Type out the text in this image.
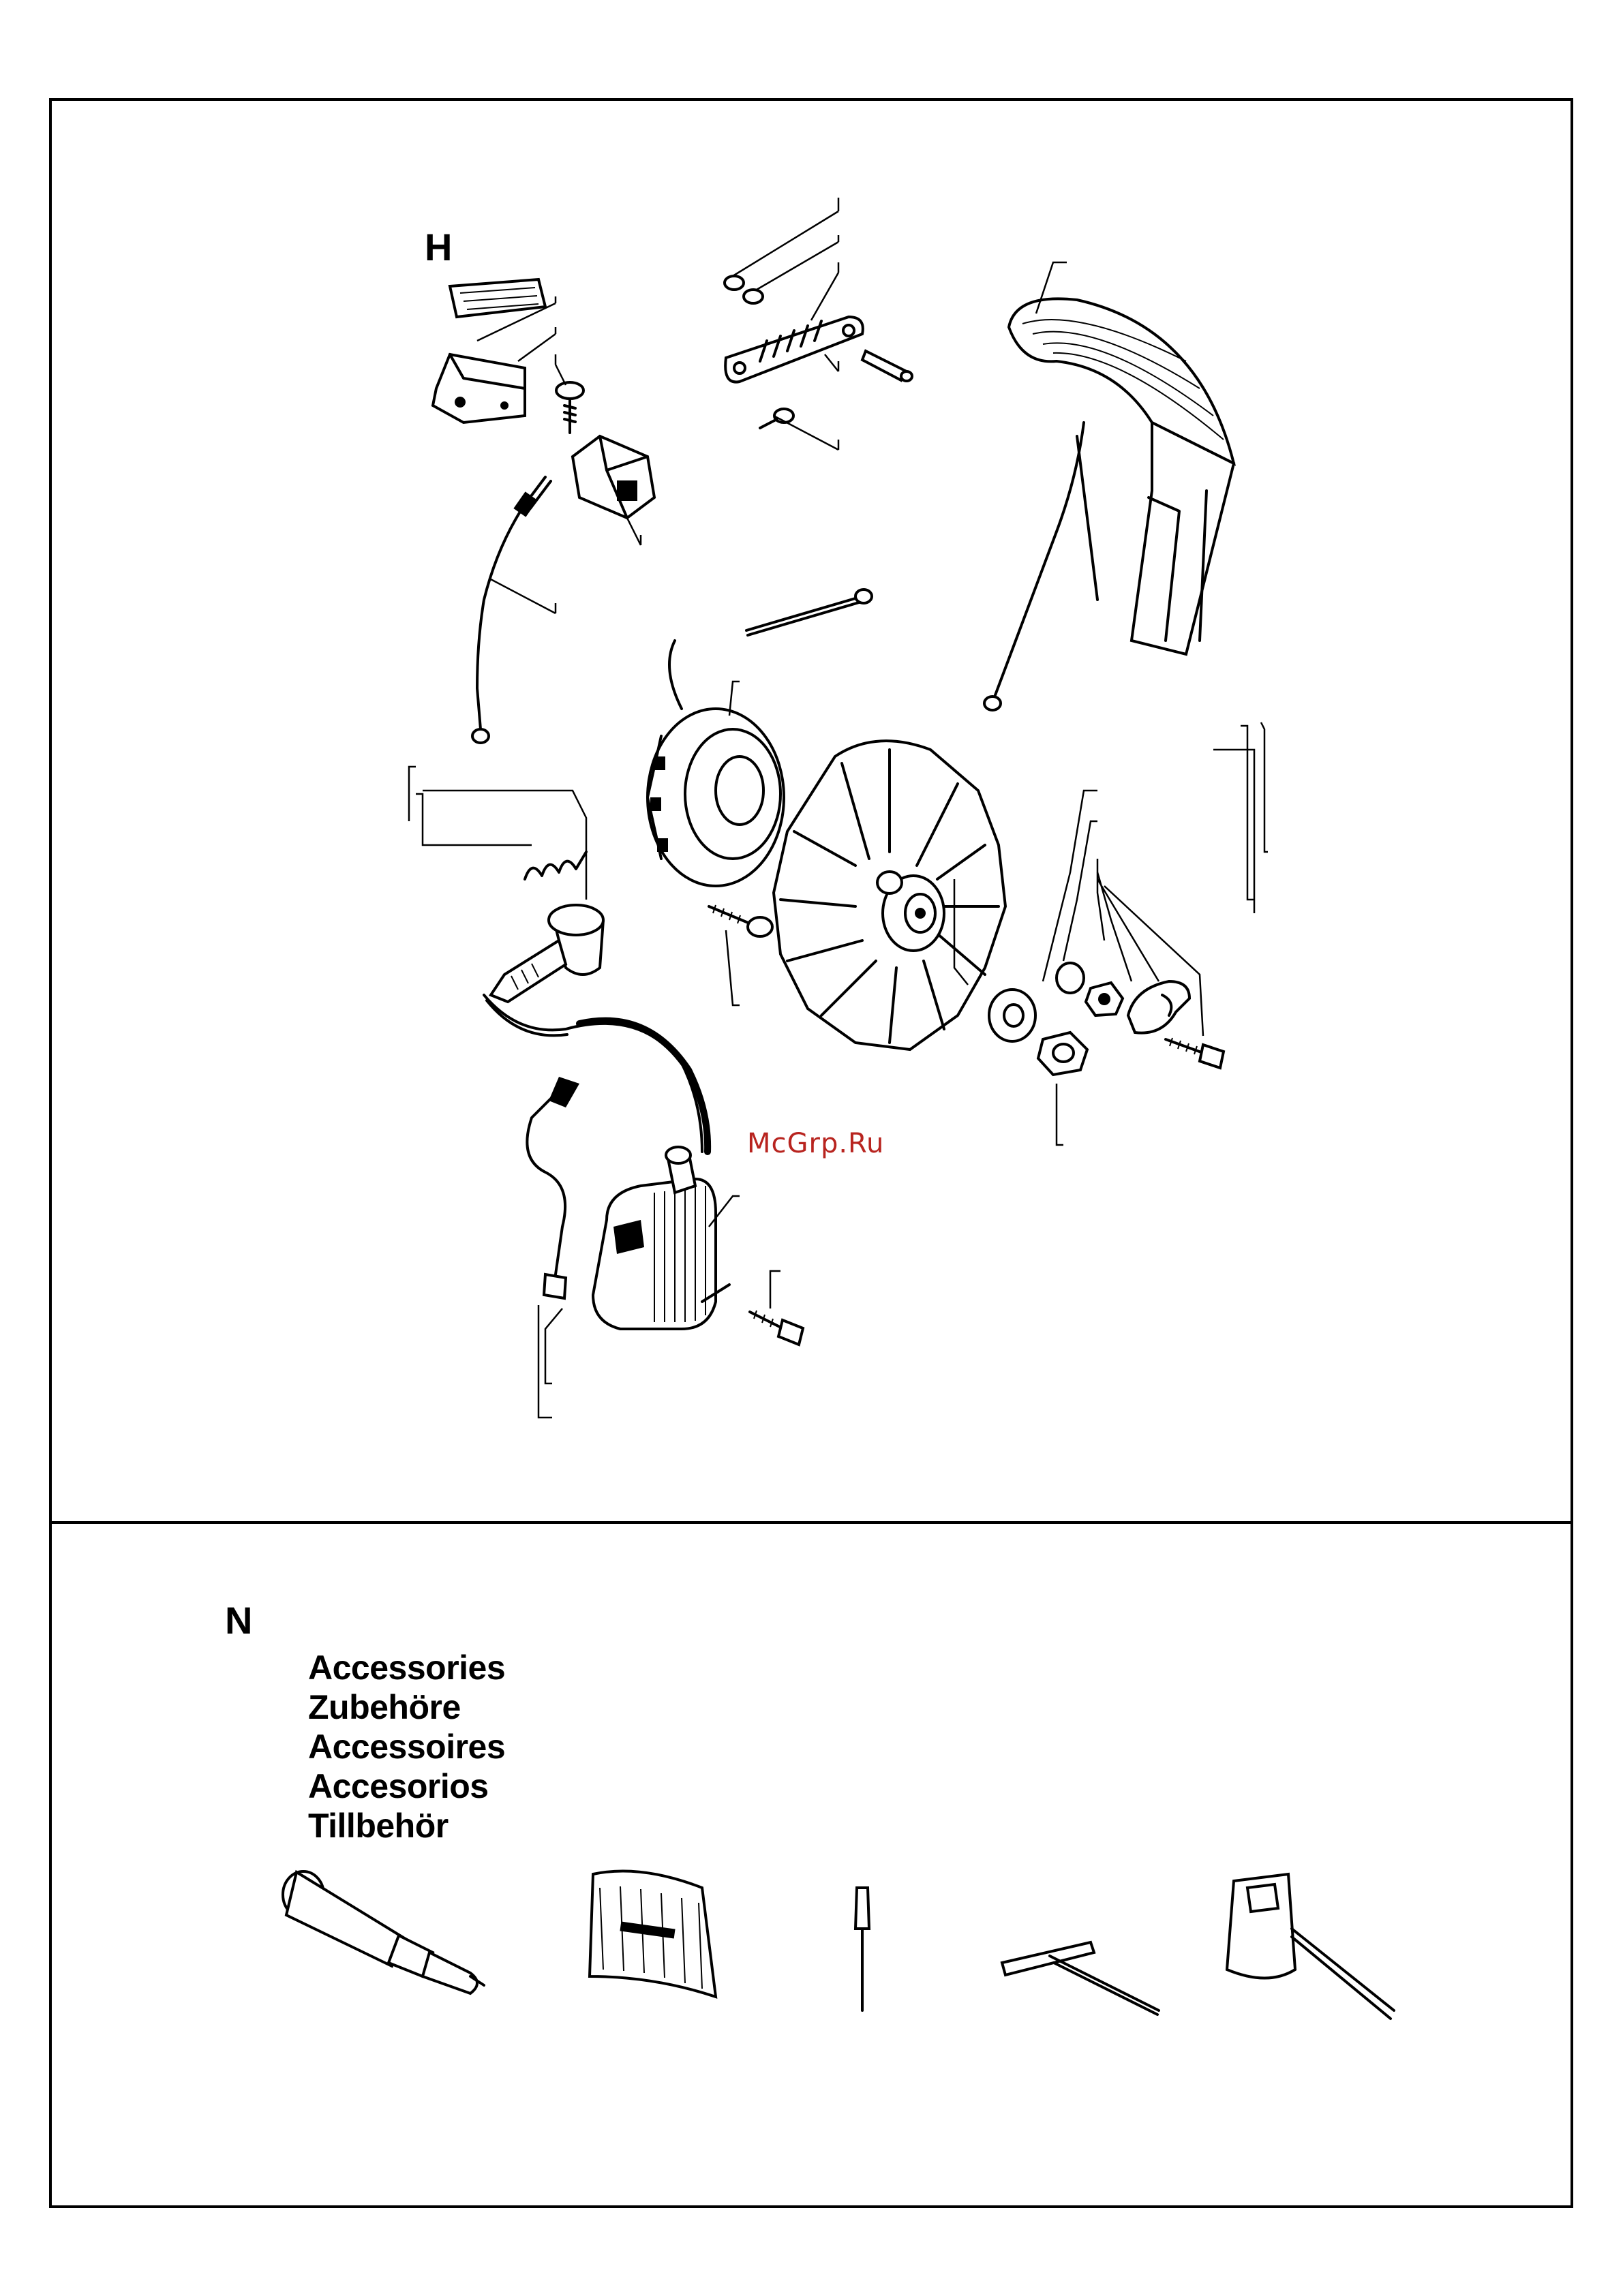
H
McGrp.Ru
N
Accessories
Zubehöre
Accessoires
Accesorios
Tillbehör
